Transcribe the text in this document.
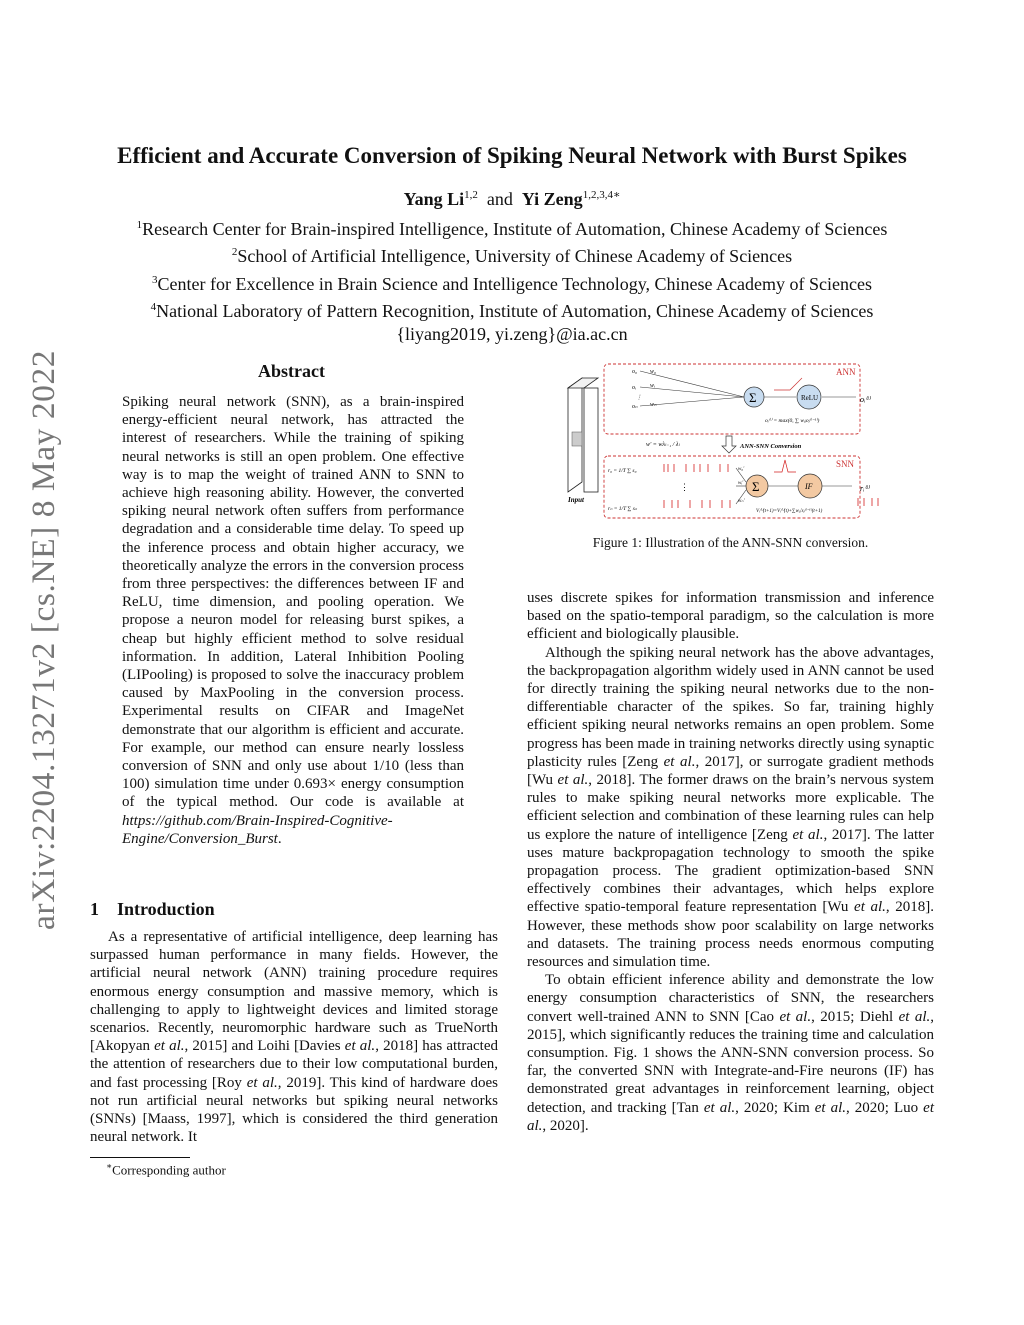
arXiv:2204.13271v2 [cs.NE] 8 May 2022
Efficient and Accurate Conversion of Spiking Neural Network with Burst Spikes
Yang Li$^{1,2}$ and Yi Zeng$^{1,2,3,4∗}$
$^1$Research Center for Brain-inspired Intelligence, Institute of Automation, Chinese Academy of Sciences
$^2$School of Artificial Intelligence, University of Chinese Academy of Sciences
$^3$Center for Excellence in Brain Science and Intelligence Technology, Chinese Academy of Sciences
$^4$National Laboratory of Pattern Recognition, Institute of Automation, Chinese Academy of Sciences
{liyang2019, yi.zeng}@ia.ac.cn
Abstract
Spiking neural network (SNN), as a brain-inspired energy-efficient neural network, has attracted the interest of researchers. While the training of spiking neural networks is still an open problem. One effective way is to map the weight of trained ANN to SNN to achieve high reasoning ability. However, the converted spiking neural network often suffers from performance degradation and a considerable time delay. To speed up the inference process and obtain higher accuracy, we theoretically analyze the errors in the conversion process from three perspectives: the differences between IF and ReLU, time dimension, and pooling operation. We propose a neuron model for releasing burst spikes, a cheap but highly efficient method to solve residual information. In addition, Lateral Inhibition Pooling (LIPooling) is proposed to solve the inaccuracy problem caused by MaxPooling in the conversion process. Experimental results on CIFAR and ImageNet demonstrate that our algorithm is efficient and accurate. For example, our method can ensure nearly lossless conversion of SNN and only use about 1/10 (less than 100) simulation time under 0.693× energy consumption of the typical method. Our code is available at https://github.com/Brain-Inspired-Cognitive-Engine/Conversion_Burst.
1 Introduction

As a representative of artificial intelligence, deep learning has surpassed human performance in many fields. However, the artificial neural network (ANN) training procedure requires enormous energy consumption and massive memory, which is challenging to apply to lightweight devices and limited storage scenarios. Recently, neuromorphic hardware such as TrueNorth [Akopyan et al., 2015] and Loihi [Davies et al., 2018] has attracted the attention of researchers due to their low computational burden, and fast processing [Roy et al., 2019]. This kind of hardware does not run artificial neural networks but spiking neural networks (SNNs) [Maass, 1997], which is considered the third generation neural network. It

Input
ANN
o₀
oᵢ
oₙ
w₀
wᵢ
wₙ
⋮	Σ	ReLU
oᵢ⁽ˡ⁾ = max(0, ∑ wᵢⱼoⱼ⁽ˡ⁻¹⁾)
oᵢ⁽ˡ⁾
w' = wλₗ₋₁ / λₗ	ANN-SNN Conversion
SNN
r₀ = 1/T ∑ s₀
rₙ = 1/T ∑ sₙ
⋮
w₀'
wᵢ'
wₙ'
Σ	IF
Vᵢ⁽ˡ⁾(t+1)=Vᵢ⁽ˡ⁾(t)+∑wᵢⱼ'sⱼ⁽ˡ⁻¹⁾(t+1)
rᵢ⁽ˡ⁾
Figure 1: Illustration of the ANN-SNN conversion.

uses discrete spikes for information transmission and inference based on the spatio-temporal paradigm, so the calculation is more efficient and biologically plausible.

Although the spiking neural network has the above advantages, the backpropagation algorithm widely used in ANN cannot be used for directly training the spiking neural networks due to the non-differentiable character of the spikes. So far, training highly efficient spiking neural networks remains an open problem. Some progress has been made in training networks directly using synaptic plasticity rules [Zeng et al., 2017], or surrogate gradient methods [Wu et al., 2018]. The former draws on the brain’s nervous system rules to make spiking neural networks more explicable. The efficient selection and combination of these learning rules can help us explore the nature of intelligence [Zeng et al., 2017]. The latter uses mature backpropagation technology to smooth the spike propagation process. The gradient optimization-based SNN effectively combines their advantages, which helps explore effective spatio-temporal feature representation [Wu et al., 2018]. However, these methods show poor scalability on large networks and datasets. The training process needs enormous computing resources and simulation time.

To obtain efficient inference ability and demonstrate the low energy consumption characteristics of SNN, the researchers convert well-trained ANN to SNN [Cao et al., 2015; Diehl et al., 2015], which significantly reduces the training time and calculation consumption. Fig. 1 shows the ANN-SNN conversion process. So far, the converted SNN with Integrate-and-Fire neurons (IF) has demonstrated great advantages in reinforcement learning, object detection, and tracking [Tan et al., 2020; Kim et al., 2020; Luo et al., 2020].

∗Corresponding author
